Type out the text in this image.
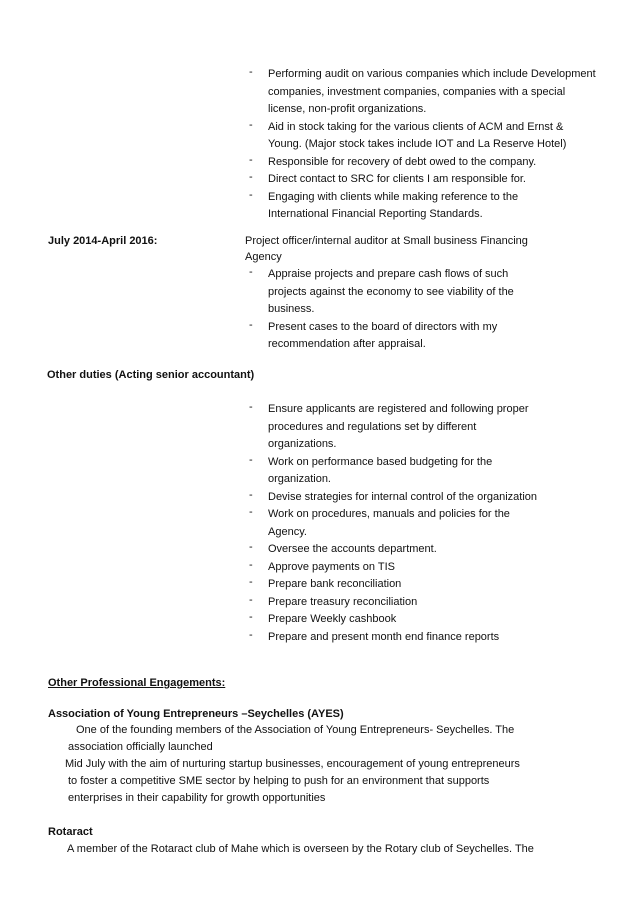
- Performing audit on various companies which include Development
companies, investment companies, companies with a special
license, non-profit organizations.
- Aid in stock taking for the various clients of ACM and Ernst &
Young. (Major stock takes include IOT and La Reserve Hotel)
- Responsible for recovery of debt owed to the company.
- Direct contact to SRC for clients I am responsible for.
- Engaging with clients while making reference to the
International Financial Reporting Standards.
July 2014-April 2016:	Project officer/internal auditor at Small business Financing
Agency
- Appraise projects and prepare cash flows of such
projects against the economy to see viability of the
business.
- Present cases to the board of directors with my
recommendation after appraisal.
Other duties (Acting senior accountant)
- Ensure applicants are registered and following proper
procedures and regulations set by different
organizations.
- Work on performance based budgeting for the
organization.
- Devise strategies for internal control of the organization
- Work on procedures, manuals and policies for the
Agency.
- Oversee the accounts department.
- Approve payments on TIS
- Prepare bank reconciliation
- Prepare treasury reconciliation
- Prepare Weekly cashbook
- Prepare and present month end finance reports
Other Professional Engagements:
Association of Young Entrepreneurs –Seychelles (AYES)
One of the founding members of the Association of Young Entrepreneurs- Seychelles. The
association officially launched
Mid July with the aim of nurturing startup businesses, encouragement of young entrepreneurs
to foster a competitive SME sector by helping to push for an environment that supports
enterprises in their capability for growth opportunities
Rotaract
A member of the Rotaract club of Mahe which is overseen by the Rotary club of Seychelles. The
